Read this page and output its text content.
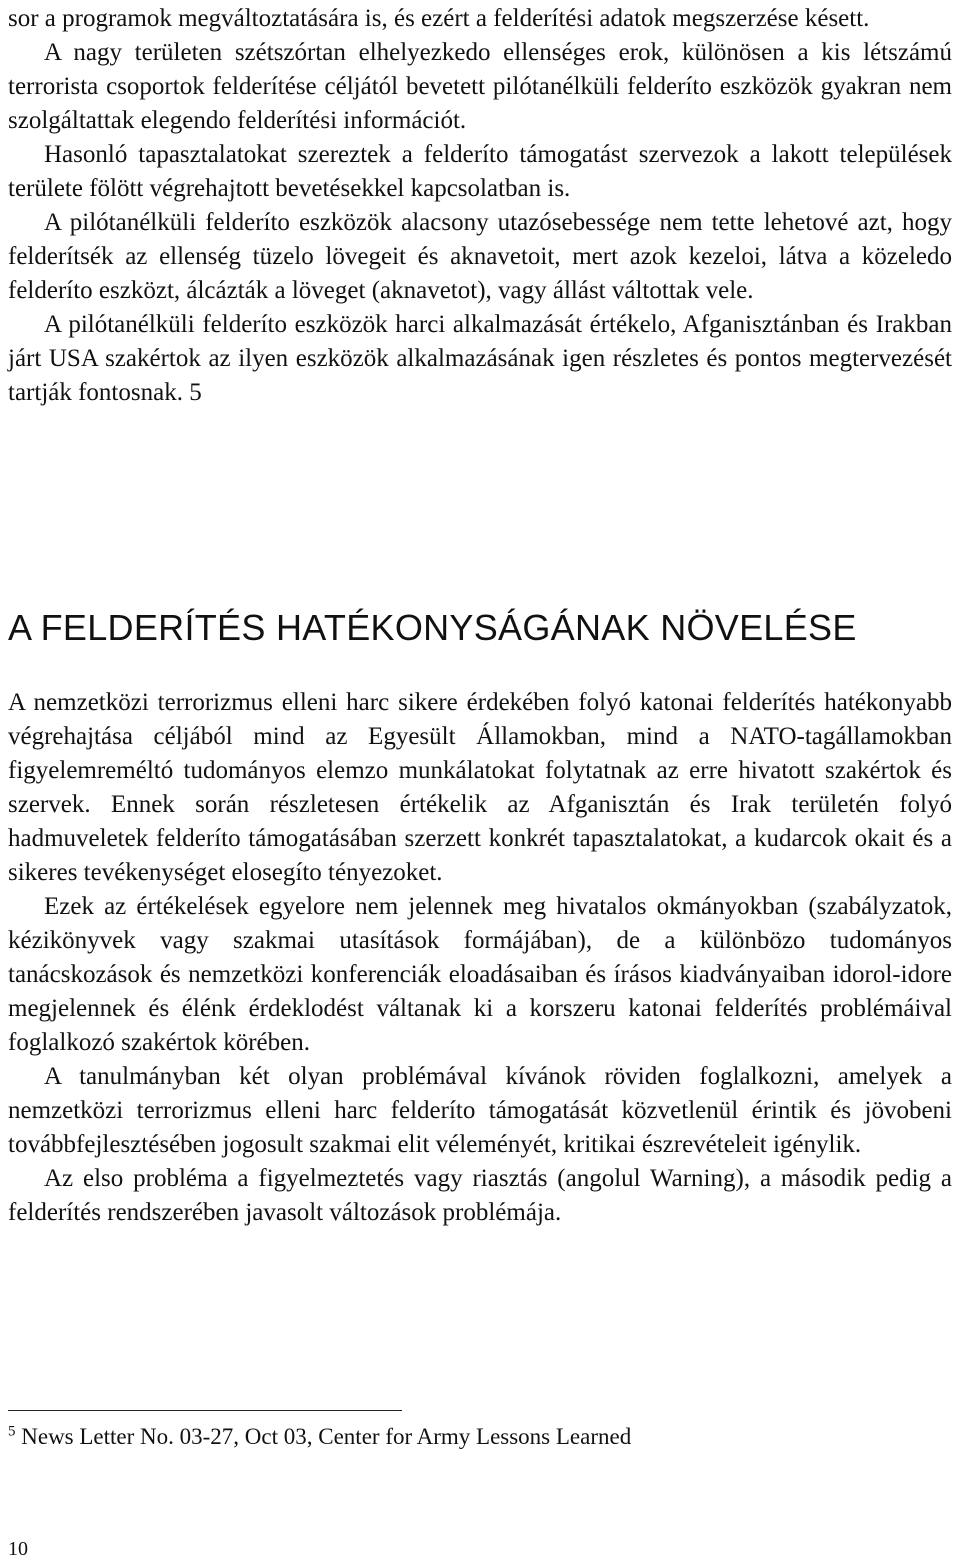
sor a programok megváltoztatására is, és ezért a felderítési adatok megszerzése késett.

A nagy területen szétszórtan elhelyezkedo ellenséges erok, különösen a kis létszámú terrorista csoportok felderítése céljától bevetett pilótanélküli felderíto eszközök gyakran nem szolgáltattak elegendo felderítési információt.

Hasonló tapasztalatokat szereztek a felderíto támogatást szervezok a lakott települések területe fölött végrehajtott bevetésekkel kapcsolatban is.

A pilótanélküli felderíto eszközök alacsony utazósebessége nem tette lehetové azt, hogy felderítsék az ellenség tüzelo lövegeit és aknavetoit, mert azok kezeloi, látva a közeledo felderíto eszközt, álcázták a löveget (aknavetot), vagy állást váltottak vele.

A pilótanélküli felderíto eszközök harci alkalmazását értékelo, Afganisztánban és Irakban járt USA szakértok az ilyen eszközök alkalmazásának igen részletes és pontos megtervezését tartják fontosnak. 5

A FELDERÍTÉS HATÉKONYSÁGÁNAK NÖVELÉSE

A nemzetközi terrorizmus elleni harc sikere érdekében folyó katonai felderítés hatékonyabb végrehajtása céljából mind az Egyesült Államokban, mind a NATO-tagállamokban figyelemreméltó tudományos elemzo munkálatokat folytatnak az erre hivatott szakértok és szervek. Ennek során részletesen értékelik az Afganisztán és Irak területén folyó hadmuveletek felderíto támogatásában szerzett konkrét tapasztalatokat, a kudarcok okait és a sikeres tevékenységet elosegíto tényezoket.

Ezek az értékelések egyelore nem jelennek meg hivatalos okmányokban (szabályzatok, kézikönyvek vagy szakmai utasítások formájában), de a különbözo tudományos tanácskozások és nemzetközi konferenciák eloadásaiban és írásos kiadványaiban idorol-idore megjelennek és élénk érdeklodést váltanak ki a korszeru katonai felderítés problémáival foglalkozó szakértok körében.

A tanulmányban két olyan problémával kívánok röviden foglalkozni, amelyek a nemzetközi terrorizmus elleni harc felderíto támogatását közvetlenül érintik és jövobeni továbbfejlesztésében jogosult szakmai elit véleményét, kritikai észrevételeit igénylik.

Az elso probléma a figyelmeztetés vagy riasztás (angolul Warning), a második pedig a felderítés rendszerében javasolt változások problémája.

$^5$ News Letter No. 03-27, Oct 03, Center for Army Lessons Learned
10
